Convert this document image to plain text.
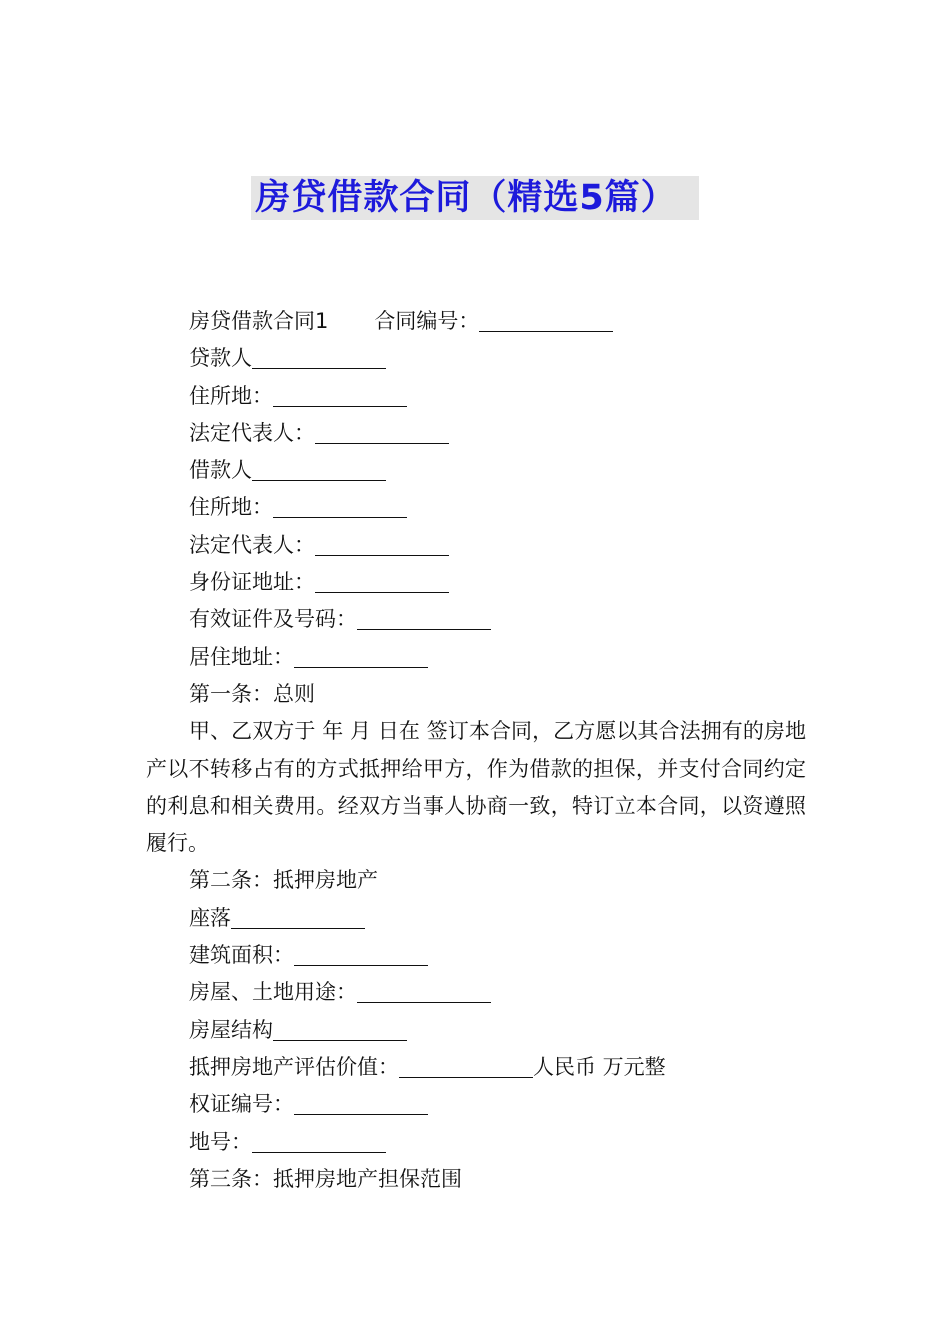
房贷借款合同（精选5篇）
房贷借款合同1 合同编号：
贷款人
住所地：
法定代表人：
借款人
住所地：
法定代表人：
身份证地址：
有效证件及号码：
居住地址：
第一条：总则

甲、乙双方于 年 月 日在 签订本合同，乙方愿以其合法拥有的房地产以不转移占有的方式抵押给甲方，作为借款的担保，并支付合同约定的利息和相关费用。经双方当事人协商一致，特订立本合同，以资遵照履行。

第二条：抵押房地产
座落
建筑面积：
房屋、土地用途：
房屋结构
抵押房地产评估价值：	人民币 万元整
权证编号：
地号：
第三条：抵押房地产担保范围
